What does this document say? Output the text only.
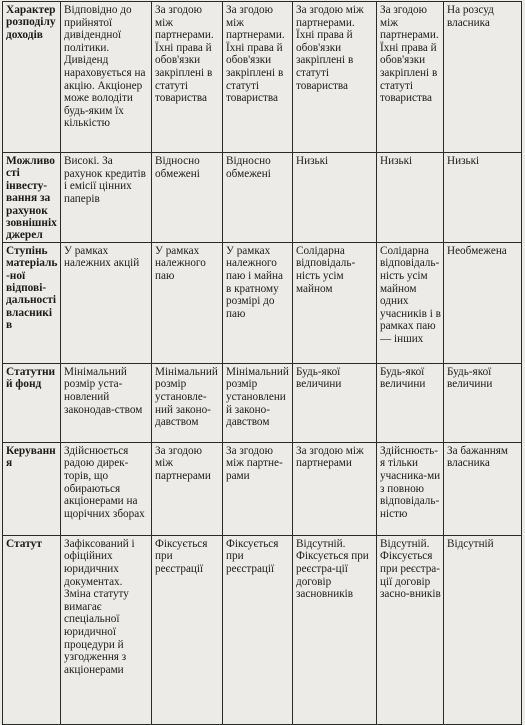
Характер розподілу доходів	Відповідно до прийнятої дивідендної політики. Дивіденд нараховується на акцію. Акціонер може володіти будь-яким їх кількістю	За згодою між партнерами. Їхні права й обов'язки закріплені в статуті товариства	За згодою між партнерами. Їхні права й обов'язки закріплені в статуті товариства	За згодою між партнерами. Їхні права й обов'язки закріплені в статуті товариства	За згодою між партнерами. Їхні права й обов'язки закріплені в статуті товариства	На розсуд власника
Можливості інвесту-вання за рахунок зовнішніх джерел	Високі. За рахунок кредитів і емісії цінних паперів	Відносно обмежені	Відносно обмежені	Низькі	Низькі	Низькі
Ступінь матеріаль-ної відпові-дальності власників	У рамках належних акцій	У рамках належного паю	У рамках належного паю і майна в кратному розмірі до паю	Солідарна відповідаль-ність усім майном	Солідарна відповідаль-ність усім майном одних учасників і в рамках паю — інших	Необмежена
Статутний фонд	Мінімальний розмір уста-новлений законодав-ством	Мінімальний розмір установле-ний законо-давством	Мінімальний розмір установлений законо-давством	Будь-якої величини	Будь-якої величини	Будь-якої величини
Керування	Здійснюється радою дирек-торів, що обираються акціонерами на щорічних зборах	За згодою між партнерами	За згодою між партне-рами	За згодою між партнерами	Здійснюєть-я тільки учасника-ми з повною відповідаль-ністю	За бажанням власника
Статут	Зафіксований і офіційних юридичних документах. Зміна статуту вимагає спеціальної юридичної процедури й узгодження з акціонерами	Фіксується при реєстрації	Фіксується при реєстрації	Відсутній. Фіксується при реєстра-ції договір засновників	Відсутній. Фіксується при реєстра-ції договір засно-вників	Відсутній
